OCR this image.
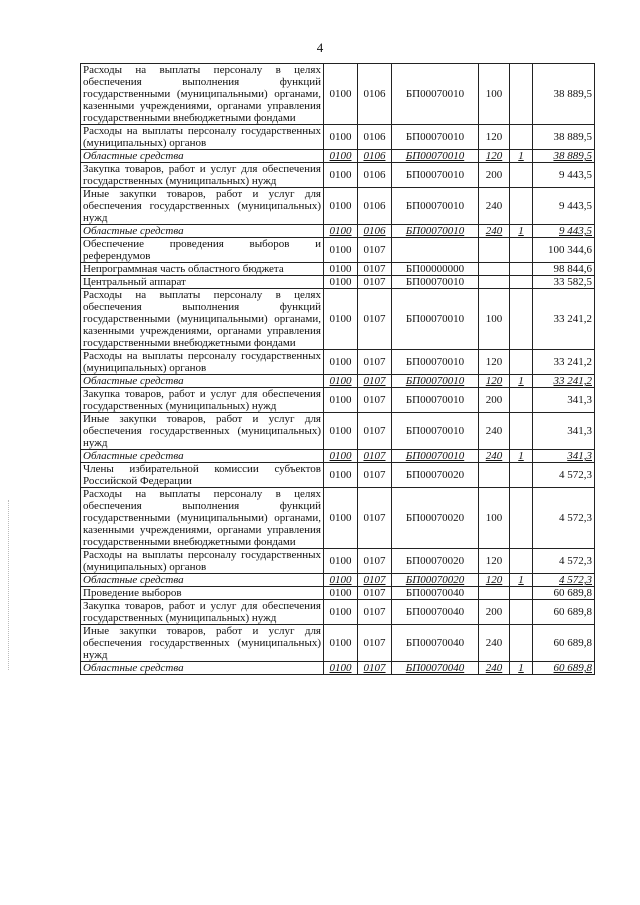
4
Расходы на выплаты персоналу в целях обеспечения выполнения функций государственными (муниципальными) органами, казенными учреждениями, органами управления государственными внебюджетными фондами	0100	0106	БП00070010	100		38 889,5
Расходы на выплаты персоналу государственных (муниципальных) органов	0100	0106	БП00070010	120		38 889,5
Областные средства	0100	0106	БП00070010	120	1	38 889,5
Закупка товаров, работ и услуг для обеспечения государственных (муниципальных) нужд	0100	0106	БП00070010	200		9 443,5
Иные закупки товаров, работ и услуг для обеспечения государственных (муниципальных) нужд	0100	0106	БП00070010	240		9 443,5
Областные средства	0100	0106	БП00070010	240	1	9 443,5
Обеспечение проведения выборов и референдумов	0100	0107				100 344,6
Непрограммная часть областного бюджета	0100	0107	БП00000000			98 844,6
Центральный аппарат	0100	0107	БП00070010			33 582,5
Расходы на выплаты персоналу в целях обеспечения выполнения функций государственными (муниципальными) органами, казенными учреждениями, органами управления государственными внебюджетными фондами	0100	0107	БП00070010	100		33 241,2
Расходы на выплаты персоналу государственных (муниципальных) органов	0100	0107	БП00070010	120		33 241,2
Областные средства	0100	0107	БП00070010	120	1	33 241,2
Закупка товаров, работ и услуг для обеспечения государственных (муниципальных) нужд	0100	0107	БП00070010	200		341,3
Иные закупки товаров, работ и услуг для обеспечения государственных (муниципальных) нужд	0100	0107	БП00070010	240		341,3
Областные средства	0100	0107	БП00070010	240	1	341,3
Члены избирательной комиссии субъектов Российской Федерации	0100	0107	БП00070020			4 572,3
Расходы на выплаты персоналу в целях обеспечения выполнения функций государственными (муниципальными) органами, казенными учреждениями, органами управления государственными внебюджетными фондами	0100	0107	БП00070020	100		4 572,3
Расходы на выплаты персоналу государственных (муниципальных) органов	0100	0107	БП00070020	120		4 572,3
Областные средства	0100	0107	БП00070020	120	1	4 572,3
Проведение выборов	0100	0107	БП00070040			60 689,8
Закупка товаров, работ и услуг для обеспечения государственных (муниципальных) нужд	0100	0107	БП00070040	200		60 689,8
Иные закупки товаров, работ и услуг для обеспечения государственных (муниципальных) нужд	0100	0107	БП00070040	240		60 689,8
Областные средства	0100	0107	БП00070040	240	1	60 689,8
